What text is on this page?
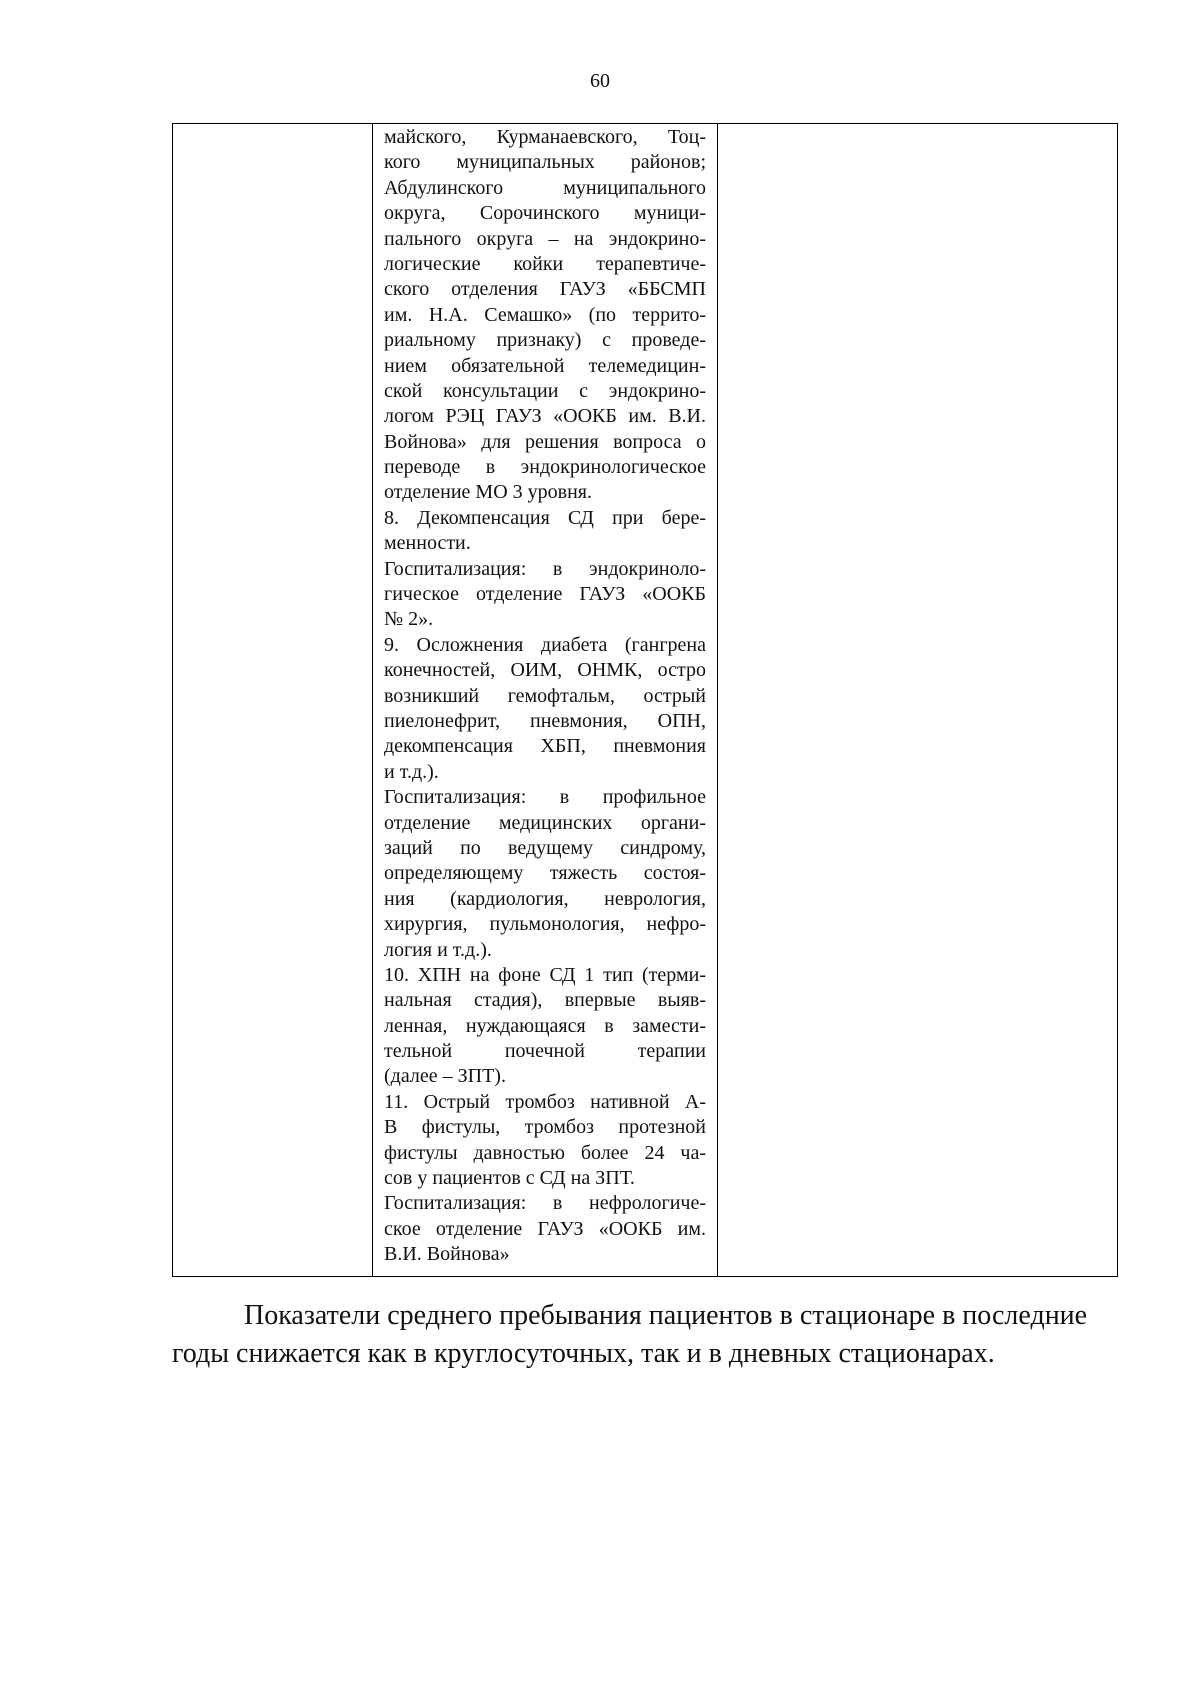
60
майского, Курманаевского, Тоц-
кого муниципальных районов;
Абдулинского муниципального
округа, Сорочинского муници-
пального округа – на эндокрино-
логические койки терапевтиче-
ского отделения ГАУЗ «ББСМП
им. Н.А. Семашко» (по террито-
риальному признаку) с проведе-
нием обязательной телемедицин-
ской консультации с эндокрино-
логом РЭЦ ГАУЗ «ООКБ им. В.И.
Войнова» для решения вопроса о
переводе в эндокринологическое
отделение МО 3 уровня.
8. Декомпенсация СД при бере-
менности.
Госпитализация: в эндокриноло-
гическое отделение ГАУЗ «ООКБ
№ 2».
9. Осложнения диабета (гангрена
конечностей, ОИМ, ОНМК, остро
возникший гемофтальм, острый
пиелонефрит, пневмония, ОПН,
декомпенсация ХБП, пневмония
и т.д.).
Госпитализация: в профильное
отделение медицинских органи-
заций по ведущему синдрому,
определяющему тяжесть состоя-
ния (кардиология, неврология,
хирургия, пульмонология, нефро-
логия и т.д.).
10. ХПН на фоне СД 1 тип (терми-
нальная стадия), впервые выяв-
ленная, нуждающаяся в замести-
тельной почечной терапии
(далее – ЗПТ).
11. Острый тромбоз нативной А-
В фистулы, тромбоз протезной
фистулы давностью более 24 ча-
сов у пациентов с СД на ЗПТ.
Госпитализация: в нефрологиче-
ское отделение ГАУЗ «ООКБ им.
В.И. Войнова»
Показатели среднего пребывания пациентов в стационаре в последние
годы снижается как в круглосуточных, так и в дневных стационарах.
